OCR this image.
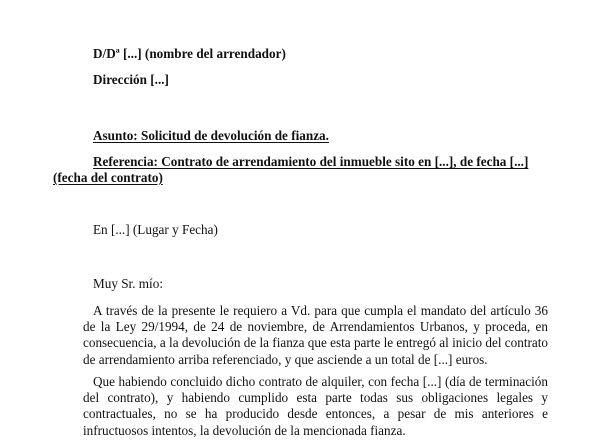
D/Dª [...] (nombre del arrendador)
Dirección [...]
Asunto: Solicitud de devolución de fianza.
Referencia: Contrato de arrendamiento del inmueble sito en [...], de fecha [...]
(fecha del contrato)
En [...] (Lugar y Fecha)
Muy Sr. mío:
A través de la presente le requiero a Vd. para que cumpla el mandato del artículo 36 de la Ley 29/1994, de 24 de noviembre, de Arrendamientos Urbanos, y proceda, en consecuencia, a la devolución de la fianza que esta parte le entregó al inicio del contrato de arrendamiento arriba referenciado, y que asciende a un total de [...] euros.
Que habiendo concluido dicho contrato de alquiler, con fecha [...] (día de terminación del contrato), y habiendo cumplido esta parte todas sus obligaciones legales y contractuales, no se ha producido desde entonces, a pesar de mis anteriores e infructuosos intentos, la devolución de la mencionada fianza.
